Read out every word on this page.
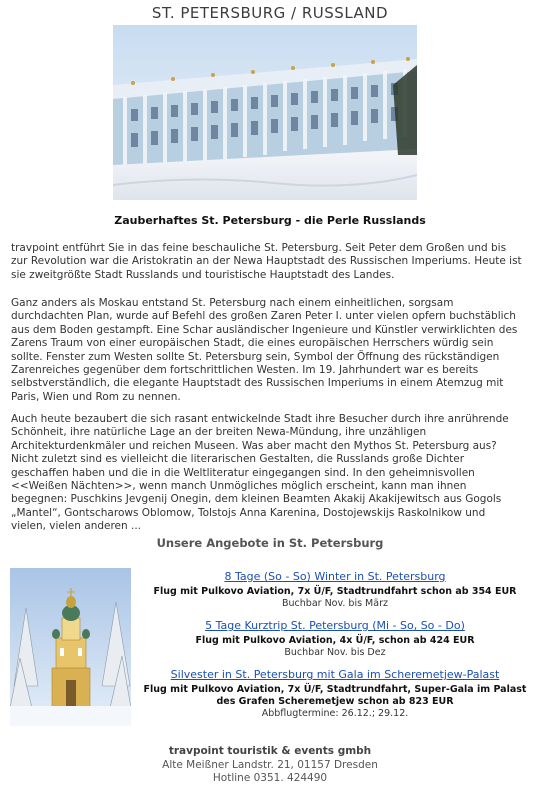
ST. PETERSBURG / RUSSLAND
Zauberhaftes St. Petersburg - die Perle Russlands
travpoint entführt Sie in das feine beschauliche St. Petersburg. Seit Peter dem Großen und bis zur Revolution war die Aristokratin an der Newa Hauptstadt des Russischen Imperiums. Heute ist sie zweitgrößte Stadt Russlands und touristische Hauptstadt des Landes.
Ganz anders als Moskau entstand St. Petersburg nach einem einheitlichen, sorgsam durchdachten Plan, wurde auf Befehl des großen Zaren Peter I. unter vielen opfern buchstäblich aus dem Boden gestampft. Eine Schar ausländischer Ingenieure und Künstler verwirklichten des Zarens Traum von einer europäischen Stadt, die eines europäischen Herrschers würdig sein sollte. Fenster zum Westen sollte St. Petersburg sein, Symbol der Öffnung des rückständigen Zarenreiches gegenüber dem fortschrittlichen Westen. Im 19. Jahrhundert war es bereits selbstverständlich, die elegante Hauptstadt des Russischen Imperiums in einem Atemzug mit Paris, Wien und Rom zu nennen.
Auch heute bezaubert die sich rasant entwickelnde Stadt ihre Besucher durch ihre anrührende Schönheit, ihre natürliche Lage an der breiten Newa-Mündung, ihre unzähligen Architekturdenkmäler und reichen Museen. Was aber macht den Mythos St. Petersburg aus? Nicht zuletzt sind es vielleicht die literarischen Gestalten, die Russlands große Dichter geschaffen haben und die in die Weltliteratur eingegangen sind. In den geheimnisvollen <<Weißen Nächten>>, wenn manch Unmögliches möglich erscheint, kann man ihnen begegnen: Puschkins Jevgenij Onegin, dem kleinen Beamten Akakij Akakijewitsch aus Gogols „Mantel“, Gontscharows Oblomow, Tolstojs Anna Karenina, Dostojewskijs Raskolnikow und vielen, vielen anderen ...
Unsere Angebote in St. Petersburg
8 Tage (So - So) Winter in St. Petersburg
Flug mit Pulkovo Aviation, 7x Ü/F, Stadtrundfahrt schon ab 354 EUR
Buchbar Nov. bis März
5 Tage Kurztrip St. Petersburg (Mi - So, So - Do)
Flug mit Pulkovo Aviation, 4x Ü/F, schon ab 424 EUR
Buchbar Nov. bis Dez
Silvester in St. Petersburg mit Gala im Scheremetjew-Palast
Flug mit Pulkovo Aviation, 7x Ü/F, Stadtrundfahrt, Super-Gala im Palast des Grafen Scheremetjew schon ab 823 EUR
Abbflugtermine: 26.12.; 29.12.
travpoint touristik & events gmbh
Alte Meißner Landstr. 21, 01157 Dresden
Hotline 0351. 424490
